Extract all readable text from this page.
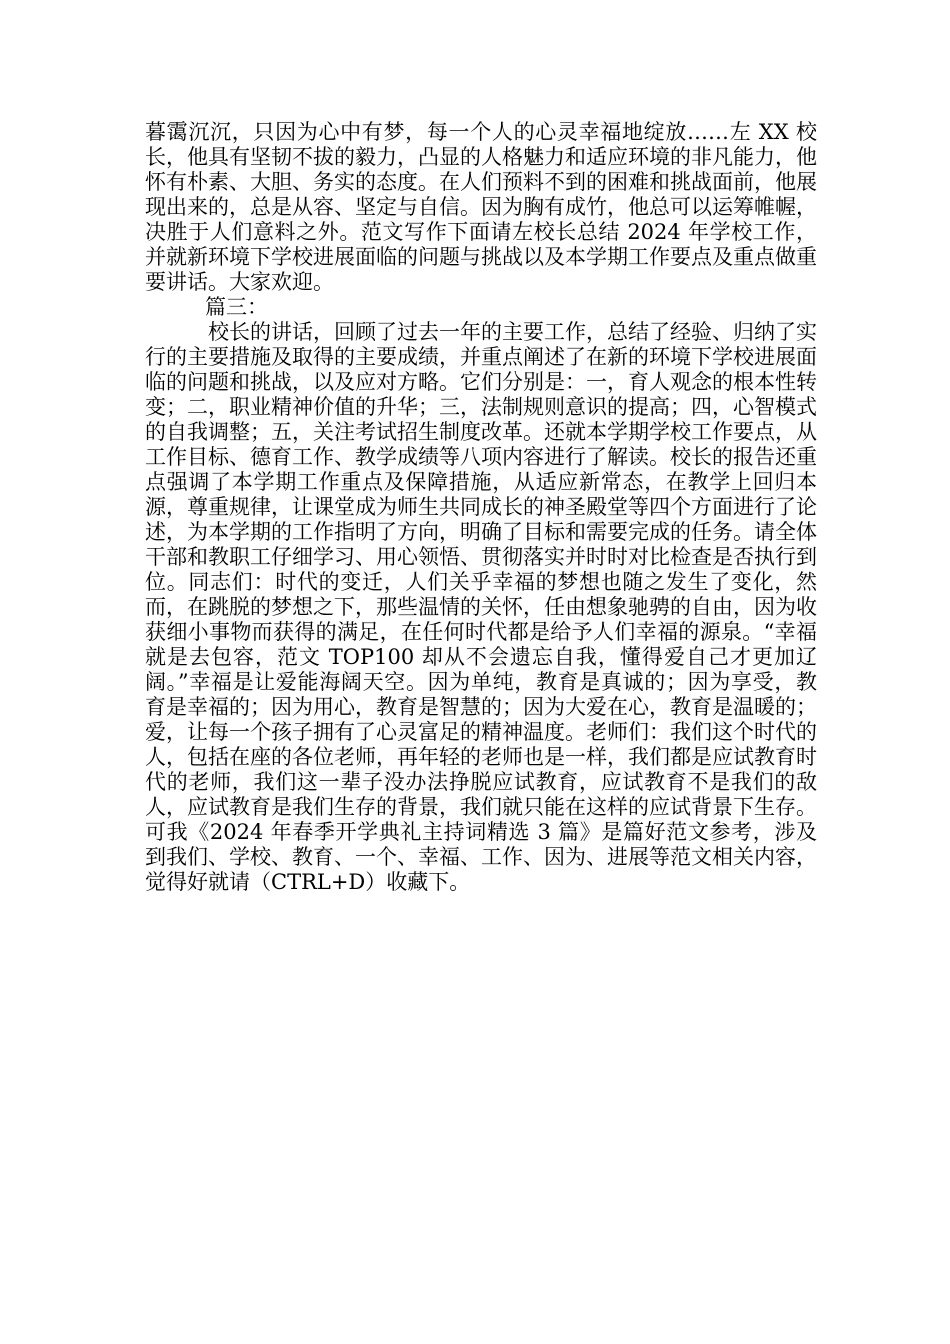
暮霭沉沉，只因为心中有梦，每一个人的心灵幸福地绽放……左 XX 校长，他具有坚韧不拔的毅力，凸显的人格魅力和适应环境的非凡能力，他怀有朴素、大胆、务实的态度。在人们预料不到的困难和挑战面前，他展现出来的，总是从容、坚定与自信。因为胸有成竹，他总可以运筹帷幄，决胜于人们意料之外。范文写作下面请左校长总结 2024 年学校工作，并就新环境下学校进展面临的问题与挑战以及本学期工作要点及重点做重要讲话。大家欢迎。

篇三：

校长的讲话，回顾了过去一年的主要工作，总结了经验、归纳了实行的主要措施及取得的主要成绩，并重点阐述了在新的环境下学校进展面临的问题和挑战，以及应对方略。它们分别是：一，育人观念的根本性转变；二，职业精神价值的升华；三，法制规则意识的提高；四，心智模式的自我调整；五，关注考试招生制度改革。还就本学期学校工作要点，从工作目标、德育工作、教学成绩等八项内容进行了解读。校长的报告还重点强调了本学期工作重点及保障措施，从适应新常态，在教学上回归本源，尊重规律，让课堂成为师生共同成长的神圣殿堂等四个方面进行了论述，为本学期的工作指明了方向，明确了目标和需要完成的任务。请全体干部和教职工仔细学习、用心领悟、贯彻落实并时时对比检查是否执行到位。同志们：时代的变迁，人们关乎幸福的梦想也随之发生了变化，然而，在跳脱的梦想之下，那些温情的关怀，任由想象驰骋的自由，因为收获细小事物而获得的满足，在任何时代都是给予人们幸福的源泉。“幸福就是去包容，范文 TOP100 却从不会遗忘自我，懂得爱自己才更加辽阔。”幸福是让爱能海阔天空。因为单纯，教育是真诚的；因为享受，教育是幸福的；因为用心，教育是智慧的；因为大爱在心，教育是温暖的；爱，让每一个孩子拥有了心灵富足的精神温度。老师们：我们这个时代的人，包括在座的各位老师，再年轻的老师也是一样，我们都是应试教育时代的老师，我们这一辈子没办法挣脱应试教育，应试教育不是我们的敌人，应试教育是我们生存的背景，我们就只能在这样的应试背景下生存。可我《2024 年春季开学典礼主持词精选 3 篇》是篇好范文参考，涉及到我们、学校、教育、一个、幸福、工作、因为、进展等范文相关内容，觉得好就请（CTRL+D）收藏下。
